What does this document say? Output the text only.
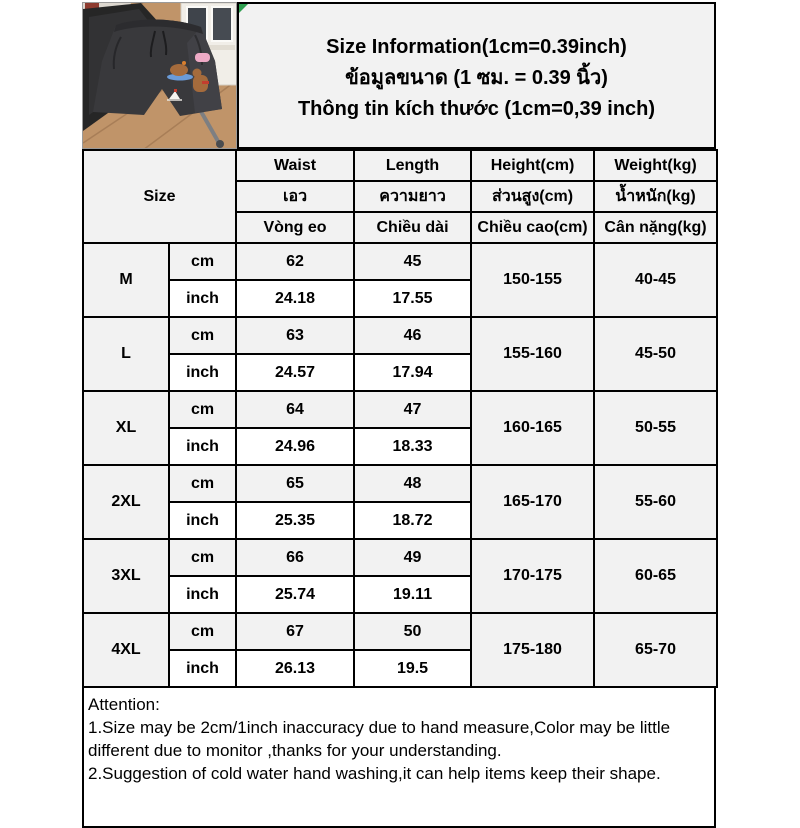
Size Information(1cm=0.39inch)
ข้อมูลขนาด (1 ซม. = 0.39 นิ้ว)
Thông tin kích thước (1cm=0,39 inch)
Size		Waist	Length	Height(cm)	Weight(kg)
		เอว	ความยาว	ส่วนสูง(cm)	น้ำหนัก(kg)
		Vòng eo	Chiều dài	Chiều cao(cm)	Cân nặng(kg)
M	cm	62	45	150-155	40-45
	inch	24.18	17.55		
L	cm	63	46	155-160	45-50
	inch	24.57	17.94		
XL	cm	64	47	160-165	50-55
	inch	24.96	18.33		
2XL	cm	65	48	165-170	55-60
	inch	25.35	18.72		
3XL	cm	66	49	170-175	60-65
	inch	25.74	19.11		
4XL	cm	67	50	175-180	65-70
	inch	26.13	19.5		
Attention:
1.Size may be 2cm/1inch inaccuracy due to hand measure,Color may be little different due to monitor ,thanks for your understanding.
2.Suggestion of cold water hand washing,it can help items keep their shape.
